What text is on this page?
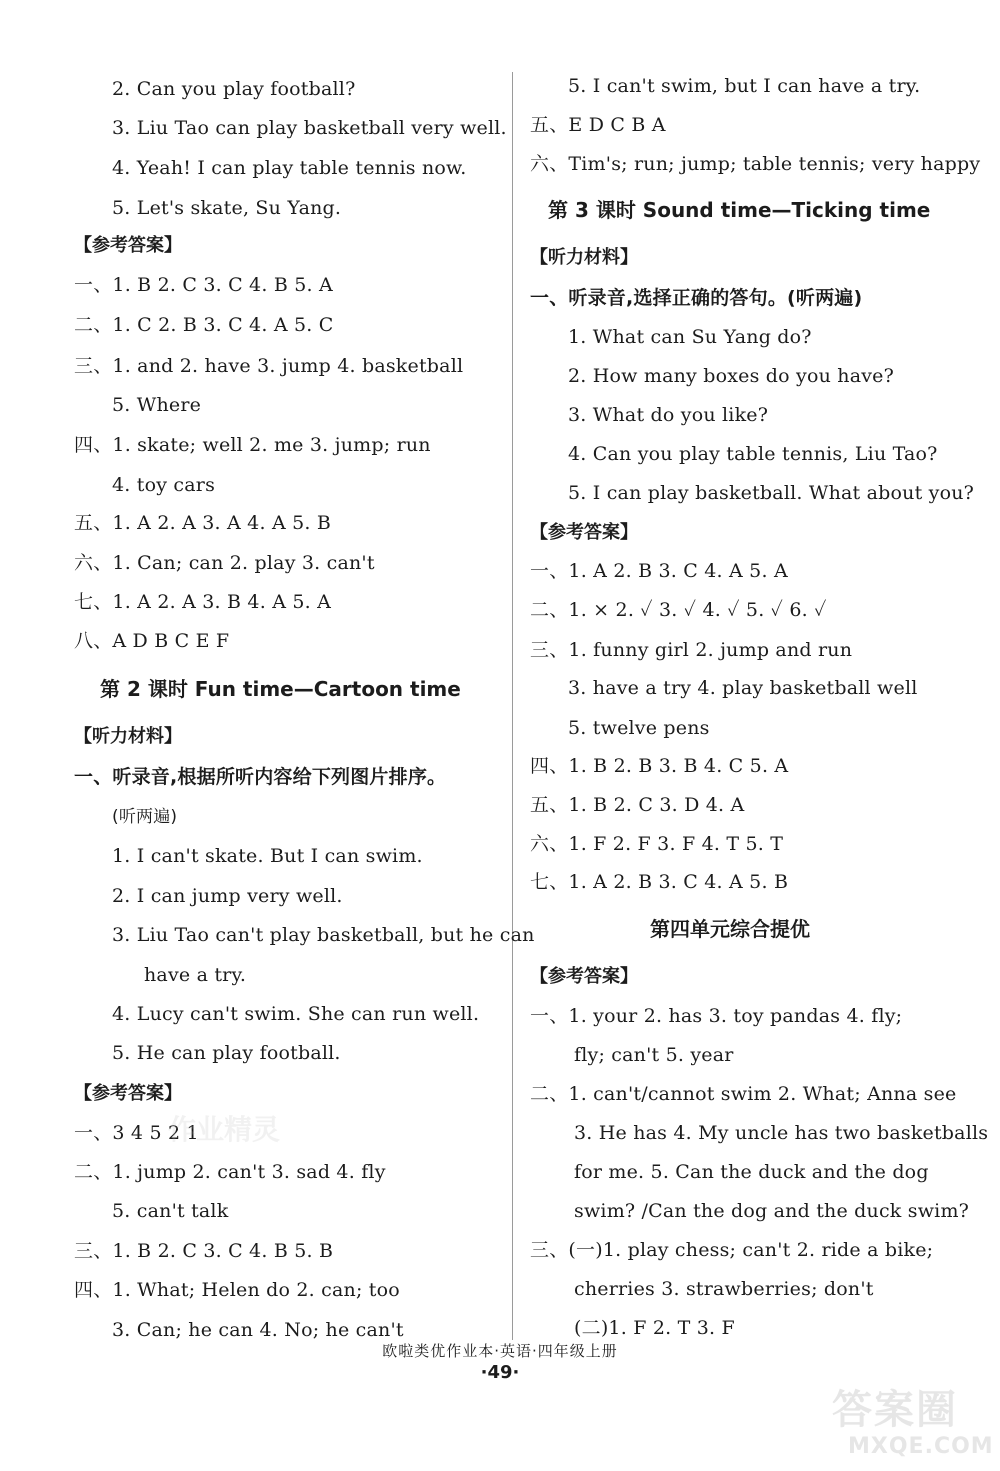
2. Can you play football?
3. Liu Tao can play basketball very well.
4. Yeah! I can play table tennis now.
5. Let's skate, Su Yang.
【参考答案】
一、1. B 2. C 3. C 4. B 5. A
二、1. C 2. B 3. C 4. A 5. C
三、1. and 2. have 3. jump 4. basketball
5. Where
四、1. skate; well 2. me 3. jump; run
4. toy cars
五、1. A 2. A 3. A 4. A 5. B
六、1. Can; can 2. play 3. can't
七、1. A 2. A 3. B 4. A 5. A
八、A D B C E F
第 2 课时 Fun time—Cartoon time
【听力材料】
一、听录音,根据所听内容给下列图片排序。
(听两遍)
1. I can't skate. But I can swim.
2. I can jump very well.
3. Liu Tao can't play basketball, but he can
have a try.
4. Lucy can't swim. She can run well.
5. He can play football.
【参考答案】
一、3 4 5 2 1
二、1. jump 2. can't 3. sad 4. fly
5. can't talk
三、1. B 2. C 3. C 4. B 5. B
四、1. What; Helen do 2. can; too
3. Can; he can 4. No; he can't
作业精灵
5. I can't swim, but I can have a try.
五、E D C B A
六、Tim's; run; jump; table tennis; very happy
第 3 课时 Sound time—Ticking time
【听力材料】
一、听录音,选择正确的答句。(听两遍)
1. What can Su Yang do?
2. How many boxes do you have?
3. What do you like?
4. Can you play table tennis, Liu Tao?
5. I can play basketball. What about you?
【参考答案】
一、1. A 2. B 3. C 4. A 5. A
二、1. × 2. ✓ 3. ✓ 4. ✓ 5. ✓ 6. ✓
三、1. funny girl 2. jump and run
3. have a try 4. play basketball well
5. twelve pens
四、1. B 2. B 3. B 4. C 5. A
五、1. B 2. C 3. D 4. A
六、1. F 2. F 3. F 4. T 5. T
七、1. A 2. B 3. C 4. A 5. B
第四单元综合提优
【参考答案】
一、1. your 2. has 3. toy pandas 4. fly;
fly; can't 5. year
二、1. can't/cannot swim 2. What; Anna see
3. He has 4. My uncle has two basketballs
for me. 5. Can the duck and the dog
swim? /Can the dog and the duck swim?
三、(一)1. play chess; can't 2. ride a bike;
cherries 3. strawberries; don't
(二)1. F 2. T 3. F
欧啦类优作业本·英语·四年级上册
·49·
答案圈
MXQE.COM
